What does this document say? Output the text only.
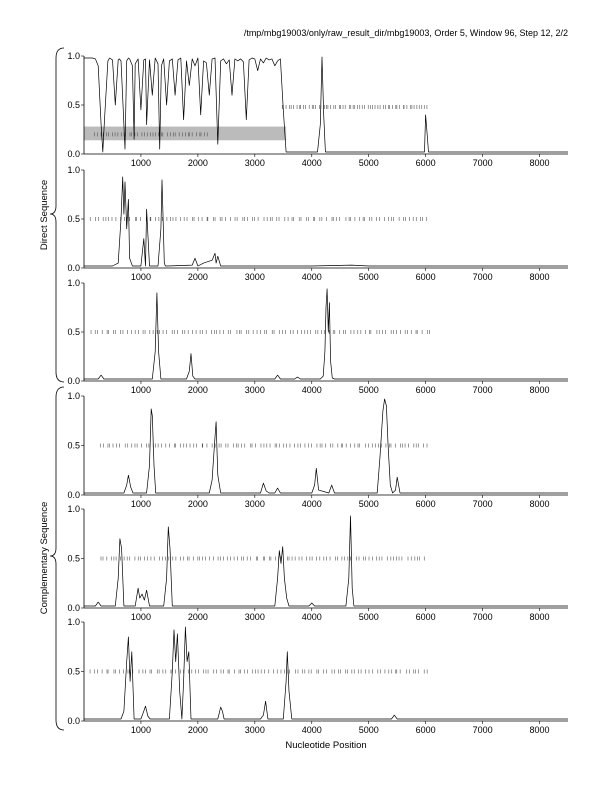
/tmp/mbg19003/only/raw_result_dir/mbg19003, Order 5, Window 96, Step 12, 2/2
0.0
0.5
1.0
1000	2000	3000	4000	5000	6000	7000	8000
0.0
0.5
1.0
1000	2000	3000	4000	5000	6000	7000	8000
0.0
0.5
1.0
1000	2000	3000	4000	5000	6000	7000	8000
0.0
0.5
1.0
1000	2000	3000	4000	5000	6000	7000	8000
0.0
0.5
1.0
1000	2000	3000	4000	5000	6000	7000	8000
0.0
0.5
1.0
1000	2000	3000	4000	5000	6000	7000	8000
Direct Sequence
Complementary Sequence
Nucleotide Position
